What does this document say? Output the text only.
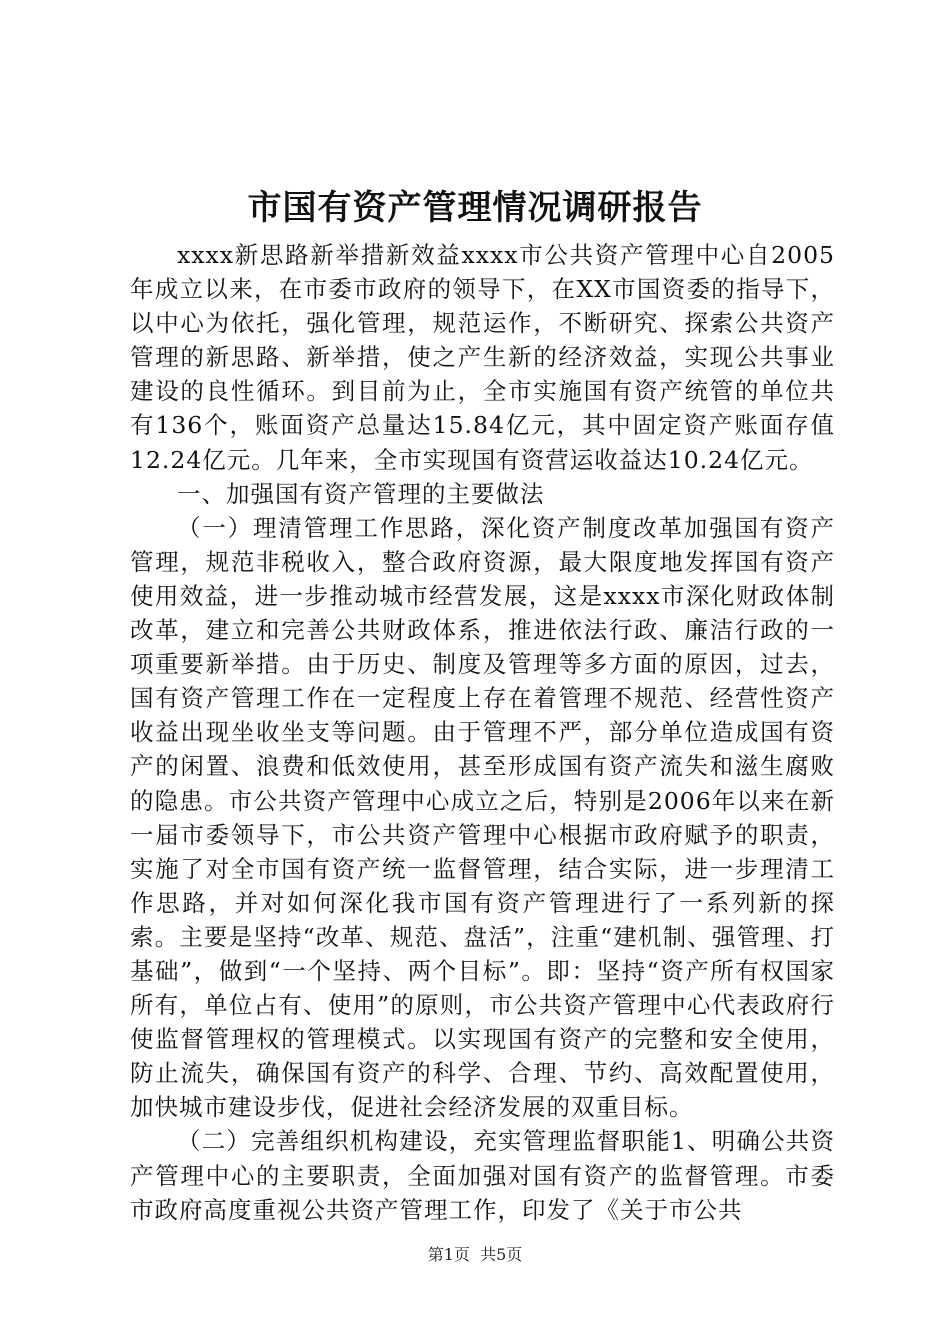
市国有资产管理情况调研报告

xxxx新思路新举措新效益xxxx市公共资产管理中心自2005年成立以来，在市委市政府的领导下，在XX市国资委的指导下，以中心为依托，强化管理，规范运作，不断研究、探索公共资产管理的新思路、新举措，使之产生新的经济效益，实现公共事业建设的良性循环。到目前为止，全市实施国有资产统管的单位共有136个，账面资产总量达15.84亿元，其中固定资产账面存值12.24亿元。几年来，全市实现国有资营运收益达10.24亿元。

一、加强国有资产管理的主要做法

（一）理清管理工作思路，深化资产制度改革加强国有资产管理，规范非税收入，整合政府资源，最大限度地发挥国有资产使用效益，进一步推动城市经营发展，这是xxxx市深化财政体制改革，建立和完善公共财政体系，推进依法行政、廉洁行政的一项重要新举措。由于历史、制度及管理等多方面的原因，过去，国有资产管理工作在一定程度上存在着管理不规范、经营性资产收益出现坐收坐支等问题。由于管理不严，部分单位造成国有资产的闲置、浪费和低效使用，甚至形成国有资产流失和滋生腐败的隐患。市公共资产管理中心成立之后，特别是2006年以来在新一届市委领导下，市公共资产管理中心根据市政府赋予的职责，实施了对全市国有资产统一监督管理，结合实际，进一步理清工作思路，并对如何深化我市国有资产管理进行了一系列新的探索。主要是坚持“改革、规范、盘活”，注重“建机制、强管理、打基础”，做到“一个坚持、两个目标”。即：坚持“资产所有权国家所有，单位占有、使用”的原则，市公共资产管理中心代表政府行使监督管理权的管理模式。以实现国有资产的完整和安全使用，防止流失，确保国有资产的科学、合理、节约、高效配置使用，加快城市建设步伐，促进社会经济发展的双重目标。

（二）完善组织机构建设，充实管理监督职能1、明确公共资产管理中心的主要职责，全面加强对国有资产的监督管理。市委市政府高度重视公共资产管理工作，印发了《关于市公共

第1页  共5页
